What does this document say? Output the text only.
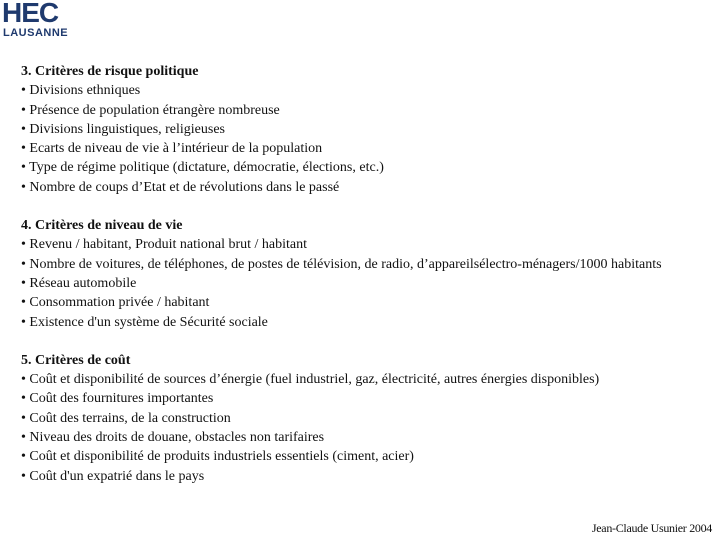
HEC
LAUSANNE
3. Critères de risque politique
• Divisions ethniques
• Présence de population étrangère nombreuse
• Divisions linguistiques, religieuses
• Ecarts de niveau de vie à l’intérieur de la population
• Type de régime politique (dictature, démocratie, élections, etc.)
• Nombre de coups d’Etat et de révolutions dans le passé
4. Critères de niveau de vie
• Revenu / habitant, Produit national brut / habitant
• Nombre de voitures, de téléphones, de postes de télévision, de radio, d’appareilsélectro-ménagers/1000 habitants
• Réseau automobile
• Consommation privée / habitant
• Existence d'un système de Sécurité sociale
5. Critères de coût
• Coût et disponibilité de sources d’énergie (fuel industriel, gaz, électricité, autres énergies disponibles)
• Coût des fournitures importantes
• Coût des terrains, de la construction
• Niveau des droits de douane, obstacles non tarifaires
• Coût et disponibilité de produits industriels essentiels (ciment, acier)
• Coût d'un expatrié dans le pays
Jean-Claude Usunier 2004
